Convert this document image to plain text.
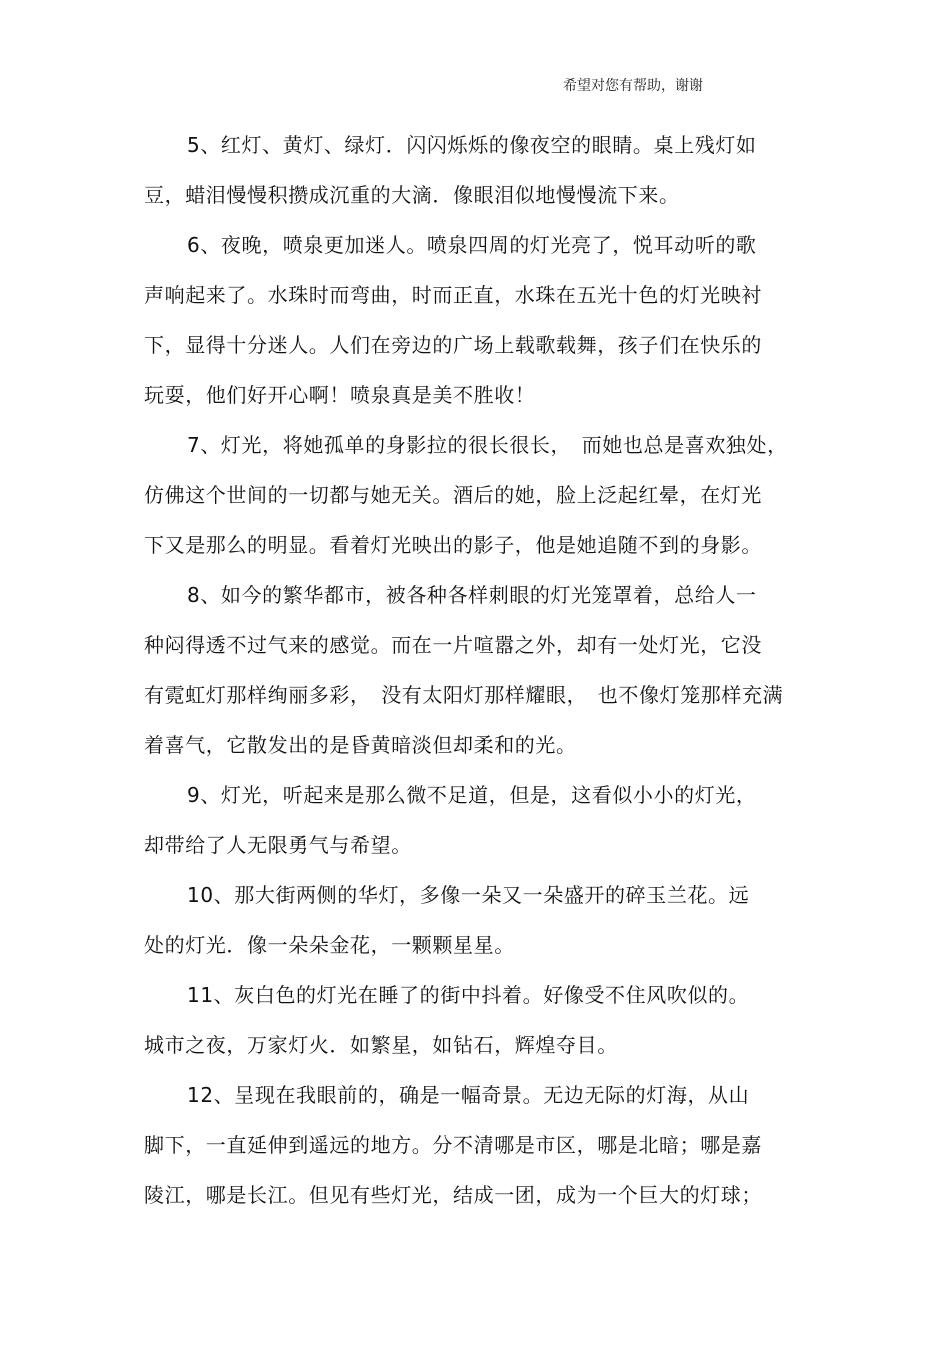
希望对您有帮助，谢谢
5、红灯、黄灯、绿灯．闪闪烁烁的像夜空的眼睛。桌上残灯如
豆，蜡泪慢慢积攒成沉重的大滴．像眼泪似地慢慢流下来。
6、夜晚，喷泉更加迷人。喷泉四周的灯光亮了，悦耳动听的歌
声响起来了。水珠时而弯曲，时而正直，水珠在五光十色的灯光映衬
下，显得十分迷人。人们在旁边的广场上载歌载舞，孩子们在快乐的
玩耍，他们好开心啊！喷泉真是美不胜收！
7、灯光，将她孤单的身影拉的很长很长，　而她也总是喜欢独处，
仿佛这个世间的一切都与她无关。酒后的她，脸上泛起红晕，在灯光
下又是那么的明显。看着灯光映出的影子，他是她追随不到的身影。
8、如今的繁华都市，被各种各样刺眼的灯光笼罩着，总给人一
种闷得透不过气来的感觉。而在一片喧嚣之外，却有一处灯光，它没
有霓虹灯那样绚丽多彩，　没有太阳灯那样耀眼，　也不像灯笼那样充满
着喜气，它散发出的是昏黄暗淡但却柔和的光。
9、灯光，听起来是那么微不足道，但是，这看似小小的灯光，
却带给了人无限勇气与希望。
10、那大街两侧的华灯，多像一朵又一朵盛开的碎玉兰花。远
处的灯光．像一朵朵金花，一颗颗星星。
11、灰白色的灯光在睡了的街中抖着。好像受不住风吹似的。
城市之夜，万家灯火．如繁星，如钻石，辉煌夺目。
12、呈现在我眼前的，确是一幅奇景。无边无际的灯海，从山
脚下，一直延伸到遥远的地方。分不清哪是市区，哪是北暗；哪是嘉
陵江，哪是长江。但见有些灯光，结成一团，成为一个巨大的灯球；
